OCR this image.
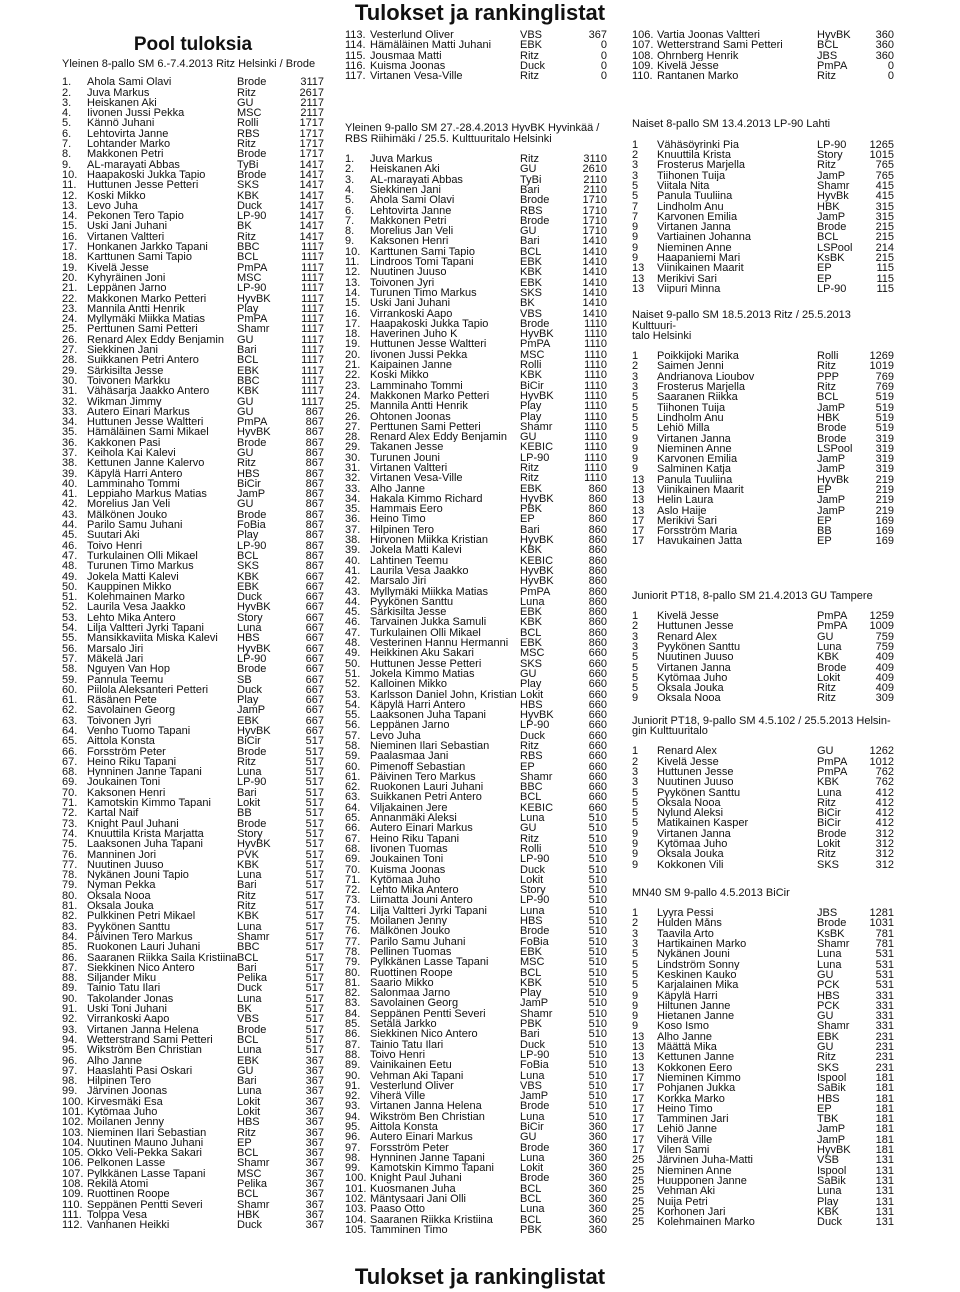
Tulokset ja rankinglistat
Pool tuloksia
Yleinen 8-pallo SM 6.-7.4.2013 Ritz Helsinki / Brode
1.	Ahola Sami Olavi	Brode	3117
2.	Juva Markus	Ritz	2617
3.	Heiskanen Aki	GU	2117
4.	Iivonen Jussi Pekka	MSC	2117
5.	Kännö Juhani	Rolli	1717
6.	Lehtovirta Janne	RBS	1717
7.	Lohtander Marko	Ritz	1717
8.	Makkonen Petri	Brode	1717
9.	AL-marayati Abbas	TyBi	1417
10. Haapakoski Jukka Tapio	Brode	1417
11. Huttunen Jesse Petteri	SKS	1417
12. Koski Mikko	KBK	1417
13. Levo Juha	Duck	1417
14. Pekonen Tero Tapio	LP-90	1417
15. Uski Jani Juhani	BK	1417
16. Virtanen Valtteri	Ritz	1417
17. Honkanen Jarkko Tapani	BBC	1117
18. Karttunen Sami Tapio	BCL	1117
19. Kivelä Jesse	PmPA	1117
20. Kyhyräinen Joni	MSC	1117
21. Leppänen Jarno	LP-90	1117
22. Makkonen Marko Petteri	HyvBK	1117
23. Mannila Antti Henrik	Play	1117
24. Myllymäki Miikka Matias	PmPA	1117
25. Perttunen Sami Petteri	Shamr	1117
26. Renard Alex Eddy Benjamin	GU	1117
27. Siekkinen Jani	Bari	1117
28. Suikkanen Petri Antero	BCL	1117
29. Särkisilta Jesse	EBK	1117
30. Toivonen Markku	BBC	1117
31. Vähäsarja Jaakko Antero	KBK	1117
32. Wikman Jimmy	GU	1117
33. Autero Einari Markus	GU	867
34. Huttunen Jesse Waltteri	PmPA	867
35. Hämäläinen Sami Mikael	HyvBK	867
36. Kakkonen Pasi	Brode	867
37. Keihola Kai Kalevi	GU	867
38. Kettunen Janne Kalervo	Ritz	867
39. Käpylä Harri Antero	HBS	867
40. Lamminaho Tommi	BiCir	867
41. Leppiaho Markus Matias	JamP	867
42. Morelius Jan Veli	GU	867
43. Mälkönen Jouko	Brode	867
44. Parilo Samu Juhani	FoBia	867
45. Suutari Aki	Play	867
46. Toivo Henri	LP-90	867
47. Turkulainen Olli Mikael	BCL	867
48. Turunen Timo Markus	SKS	867
49. Jokela Matti Kalevi	KBK	667
50. Kauppinen Mikko	EBK	667
51. Kolehmainen Marko	Duck	667
52. Laurila Vesa Jaakko	HyvBK	667
53. Lehto Mika Antero	Story	667
54. Lilja Valtteri Jyrki Tapani	Luna	667
55. Mansikkaviita Miska Kalevi	HBS	667
56. Marsalo Jiri	HyvBK	667
57. Mäkelä Jari	LP-90	667
58. Nguyen Van Hop	Brode	667
59. Pannula Teemu	SB	667
60. Piilola Aleksanteri Petteri	Duck	667
61. Räsänen Pete	Play	667
62. Savolainen Georg	JamP	667
63. Toivonen Jyri	EBK	667
64. Venho Tuomo Tapani	HyvBK	667
65. Aittola Konsta	BiCir	517
66. Forsström Peter	Brode	517
67. Heino Riku Tapani	Ritz	517
68. Hynninen Janne Tapani	Luna	517
69. Joukainen Toni	LP-90	517
70. Kaksonen Henri	Bari	517
71. Kamotskin Kimmo Tapani	Lokit	517
72. Kartal Naif	BB	517
73. Knight Paul Juhani	Brode	517
74. Knuuttila Krista Marjatta	Story	517
75. Laaksonen Juha Tapani	HyvBK	517
76. Manninen Jori	PVK	517
77. Nuutinen Juuso	KBK	517
78. Nykänen Jouni Tapio	Luna	517
79. Nyman Pekka	Bari	517
80. Oksala Nooa	Ritz	517
81. Oksala Jouka	Ritz	517
82. Pulkkinen Petri Mikael	KBK	517
83. Pyykönen Santtu	Luna	517
84. Päivinen Tero Markus	Shamr	517
85. Ruokonen Lauri Juhani	BBC	517
86. Saaranen Riikka Saila Kristiina BCL	517
87. Siekkinen Nico Antero	Bari	517
88. Siljander Miku	Pelika	517
89. Tainio Tatu Ilari	Duck	517
90. Takolander Jonas	Luna	517
91. Uski Toni Juhani	BK	517
92. Virrankoski Aapo	VBS	517
93. Virtanen Janna Helena	Brode	517
94. Wetterstrand Sami Petteri	BCL	517
95. Wikström Ben Christian	Luna	517
96. Alho Janne	EBK	367
97. Haaslahti Pasi Oskari	GU	367
98. Hilpinen Tero	Bari	367
99. Järvinen Joonas	Luna	367
100. Kirvesmäki Esa	Lokit	367
101. Kytömaa Juho	Lokit	367
102. Moilanen Jenny	HBS	367
103. Nieminen Ilari Sebastian	Ritz	367
104. Nuutinen Mauno Juhani	EP	367
105. Okko Veli-Pekka Sakari	BCL	367
106. Pelkonen Lasse	Shamr	367
107. Pylkkänen Lasse Tapani	MSC	367
108. Rekilä Atomi	Pelika	367
109. Ruottinen Roope	BCL	367
110. Seppänen Pentti Severi	Shamr	367
111. Tolppa Vesa	HBK	367
112. Vanhanen Heikki	Duck	367
113. Vesterlund Oliver	VBS	367
114. Hämäläinen Matti Juhani	EBK	0
115. Jousmaa Matti	Ritz	0
116. Kuisma Joonas	Duck	0
117. Virtanen Vesa-Ville	Ritz	0
Yleinen 9-pallo SM 27.-28.4.2013 HyvBK Hyvinkää /
RBS Riihimäki / 25.5. Kulttuuritalo Helsinki
1.	Juva Markus	Ritz	3110
2.	Heiskanen Aki	GU	2610
3.	AL-marayati Abbas	TyBi	2110
4.	Siekkinen Jani	Bari	2110
5.	Ahola Sami Olavi	Brode	1710
6.	Lehtovirta Janne	RBS	1710
7.	Makkonen Petri	Brode	1710
8.	Morelius Jan Veli	GU	1710
9.	Kaksonen Henri	Bari	1410
10. Karttunen Sami Tapio	BCL	1410
11. Lindroos Tomi Tapani	EBK	1410
12. Nuutinen Juuso	KBK	1410
13. Toivonen Jyri	EBK	1410
14. Turunen Timo Markus	SKS	1410
15. Uski Jani Juhani	BK	1410
16. Virrankoski Aapo	VBS	1410
17. Haapakoski Jukka Tapio	Brode	1110
18. Haverinen Juho K	HyvBK	1110
19. Huttunen Jesse Waltteri	PmPA	1110
20. Iivonen Jussi Pekka	MSC	1110
21. Kaipainen Janne	Rolli	1110
22. Koski Mikko	KBK	1110
23. Lamminaho Tommi	BiCir	1110
24. Makkonen Marko Petteri	HyvBK	1110
25. Mannila Antti Henrik	Play	1110
26. Ohtonen Joonas	Play	1110
27. Perttunen Sami Petteri	Shamr	1110
28. Renard Alex Eddy Benjamin	GU	1110
29. Takanen Jesse	KEBIC	1110
30. Turunen Jouni	LP-90	1110
31. Virtanen Valtteri	Ritz	1110
32. Virtanen Vesa-Ville	Ritz	1110
33. Alho Janne	EBK	860
34. Hakala Kimmo Richard	HyvBK	860
35. Hammais Eero	PBK	860
36. Heino Timo	EP	860
37. Hilpinen Tero	Bari	860
38. Hirvonen Miikka Kristian	HyvBK	860
39. Jokela Matti Kalevi	KBK	860
40. Lahtinen Teemu	KEBIC	860
41. Laurila Vesa Jaakko	HyvBK	860
42. Marsalo Jiri	HyvBK	860
43. Myllymäki Miikka Matias	PmPA	860
44. Pyykönen Santtu	Luna	860
45. Särkisilta Jesse	EBK	860
46. Tarvainen Jukka Samuli	KBK	860
47. Turkulainen Olli Mikael	BCL	860
48. Vesterinen Hannu Hermanni	EBK	860
49. Heikkinen Aku Sakari	MSC	660
50. Huttunen Jesse Petteri	SKS	660
51. Jokela Kimmo Matias	GU	660
52. Kalloinen Mikko	Play	660
53. Karlsson Daniel John, Kristian Lokit	660
54. Käpylä Harri Antero	HBS	660
55. Laaksonen Juha Tapani	HyvBK	660
56. Leppänen Jarno	LP-90	660
57. Levo Juha	Duck	660
58. Nieminen Ilari Sebastian	Ritz	660
59. Paalasmaa Jani	RBS	660
60. Pimenoff Sebastian	EP	660
61. Päivinen Tero Markus	Shamr	660
62. Ruokonen Lauri Juhani	BBC	660
63. Suikkanen Petri Antero	BCL	660
64. Viljakainen Jere	KEBIC	660
65. Annanmäki Aleksi	Luna	510
66. Autero Einari Markus	GU	510
67. Heino Riku Tapani	Ritz	510
68. Iivonen Tuomas	Rolli	510
69. Joukainen Toni	LP-90	510
70. Kuisma Joonas	Duck	510
71. Kytömaa Juho	Lokit	510
72. Lehto Mika Antero	Story	510
73. Liimatta Jouni Antero	LP-90	510
74. Lilja Valtteri Jyrki Tapani	Luna	510
75. Moilanen Jenny	HBS	510
76. Mälkönen Jouko	Brode	510
77. Parilo Samu Juhani	FoBia	510
78. Pellinen Tuomas	EBK	510
79. Pylkkänen Lasse Tapani	MSC	510
80. Ruottinen Roope	BCL	510
81. Saario Mikko	KBK	510
82. Salonmaa Jarno	Play	510
83. Savolainen Georg	JamP	510
84. Seppänen Pentti Severi	Shamr	510
85. Setälä Jarkko	PBK	510
86. Siekkinen Nico Antero	Bari	510
87. Tainio Tatu Ilari	Duck	510
88. Toivo Henri	LP-90	510
89. Vainikainen Eetu	FoBia	510
90. Vehman Aki Tapani	Luna	510
91. Vesterlund Oliver	VBS	510
92. Viherä Ville	JamP	510
93. Virtanen Janna Helena	Brode	510
94. Wikström Ben Christian	Luna	510
95. Aittola Konsta	BiCir	360
96. Autero Einari Markus	GU	360
97. Forsström Peter	Brode	360
98. Hynninen Janne Tapani	Luna	360
99. Kamotskin Kimmo Tapani	Lokit	360
100. Knight Paul Juhani	Brode	360
101. Kuosmanen Juha	BCL	360
102. Mäntysaari Jani Olli	BCL	360
103. Paaso Otto	Luna	360
104. Saaranen Riikka Kristiina	BCL	360
105. Tamminen Timo	PBK	360
106. Vartia Joonas Valtteri	HyvBK	360
107. Wetterstrand Sami Petteri	BCL	360
108. Öhrnberg Henrik	JBS	360
109. Kivelä Jesse	PmPA	0
110. Rantanen Marko	Ritz	0
Naiset 8-pallo SM 13.4.2013 LP-90 Lahti
1	Vähäsöyrinki Pia	LP-90	1265
2	Knuuttila Krista	Story	1015
3	Frosterus Marjella	Ritz	765
3	Tiihonen Tuija	JamP	765
5	Viitala Nita	Shamr	415
5	Panula Tuuliina	HyvBk	415
7	Lindholm Anu	HBK	315
7	Karvonen Emilia	JamP	315
9	Virtanen Janna	Brode	215
9	Vartiainen Johanna	BCL	215
9	Nieminen Anne	LSPool	214
9	Haapaniemi Mari	KsBK	215
13	Viinikainen Maarit	EP	115
13	Merikivi Sari	EP	115
13	Viipuri Minna	LP-90	115
Naiset 9-pallo SM 18.5.2013 Ritz / 25.5.2013 Kulttuuri-
talo Helsinki
1	Poikkijoki Marika	Rolli	1269
2	Saimen Jenni	Ritz	1019
3	Andrianova Lioubov	PPP	769
3	Frosterus Marjella	Ritz	769
5	Saaranen Riikka	BCL	519
5	Tiihonen Tuija	JamP	519
5	Lindholm Anu	HBK	519
5	Lehiö Milla	Brode	519
9	Virtanen Janna	Brode	319
9	Nieminen Anne	LSPool	319
9	Karvonen Emilia	JamP	319
9	Salminen Katja	JamP	319
13	Panula Tuuliina	HyvBk	219
13	Viinikainen Maarit	EP	219
13	Helin Laura	JamP	219
13	Aslo Haije	JamP	219
17	Merikivi Sari	EP	169
17	Forsström Maria	BB	169
17	Havukainen Jatta	EP	169
Juniorit PT18, 8-pallo SM 21.4.2013 GU Tampere
1	Kivelä Jesse	PmPA	1259
2	Huttunen Jesse	PmPA	1009
3	Renard Alex	GU	759
3	Pyykönen Santtu	Luna	759
5	Nuutinen Juuso	KBK	409
5	Virtanen Janna	Brode	409
5	Kytömaa Juho	Lokit	409
5	Oksala Jouka	Ritz	409
9	Oksala Nooa	Ritz	309
Juniorit PT18, 9-pallo SM 4.5.102 / 25.5.2013 Helsin-
gin Kulttuuritalo
1	Renard Alex	GU	1262
2	Kivelä Jesse	PmPA	1012
3	Huttunen Jesse	PmPA	762
3	Nuutinen Juuso	KBK	762
5	Pyykönen Santtu	Luna	412
5	Oksala Nooa	Ritz	412
5	Nylund Aleksi	BiCir	412
5	Matikainen Kasper	BiCir	412
9	Virtanen Janna	Brode	312
9	Kytömaa Juho	Lokit	312
9	Oksala Jouka	Ritz	312
9	Kokkonen Vili	SKS	312
MN40 SM 9-pallo 4.5.2013 BiCir
1	Lyyra Pessi	JBS	1281
2	Hulden Måns	Brode	1031
3	Taavila Arto	KsBK	781
3	Hartikainen Marko	Shamr	781
5	Nykänen Jouni	Luna	531
5	Lindström Sonny	Luna	531
5	Keskinen Kauko	GU	531
5	Karjalainen Mika	PCK	531
9	Käpylä Harri	HBS	331
9	Hiltunen Janne	PCK	331
9	Hietanen Janne	GU	331
9	Koso Ismo	Shamr	331
13	Alho Janne	EBK	231
13	Määttä Mika	GU	231
13	Kettunen Janne	Ritz	231
13	Kokkonen Eero	SKS	231
17	Nieminen Kimmo	Ispool	181
17	Pohjanen Jukka	SaBik	181
17	Korkka Marko	HBS	181
17	Heino Timo	EP	181
17	Tamminen Jari	TBK	181
17	Lehiö Janne	JamP	181
17	Viherä Ville	JamP	181
17	Vilen Sami	HyvBK	181
25	Järvinen Juha-Matti	VSB	131
25	Nieminen Anne	Ispool	131
25	Huupponen Janne	SaBik	131
25	Vehman Aki	Luna	131
25	Nuija Petri	Play	131
25	Korhonen Jari	KBK	131
25	Kolehmainen Marko	Duck	131
Tulokset ja rankinglistat
